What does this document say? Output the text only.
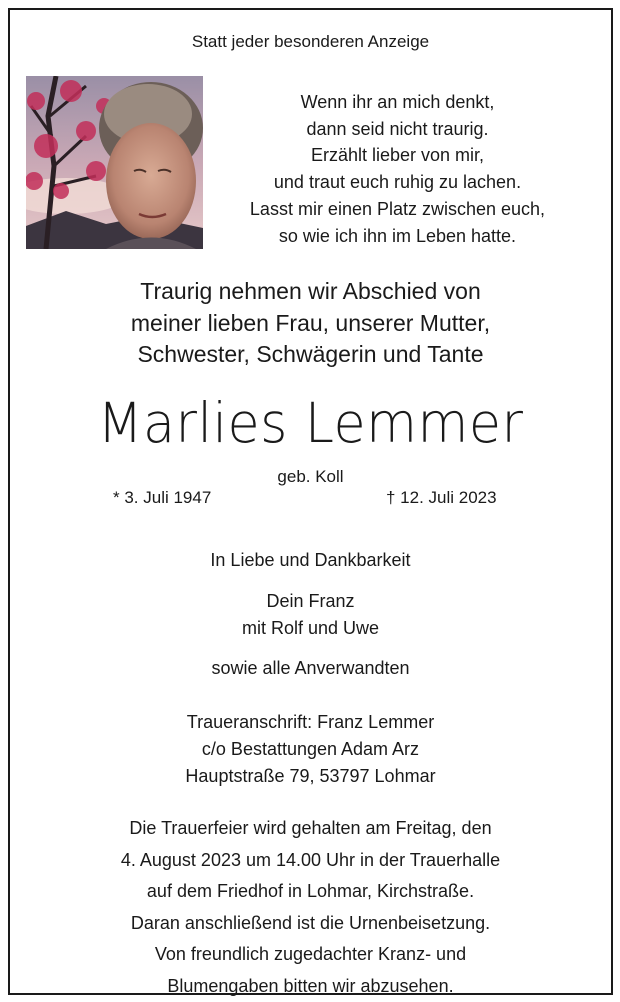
Statt jeder besonderen Anzeige
Wenn ihr an mich denkt,
dann seid nicht traurig.
Erzählt lieber von mir,
und traut euch ruhig zu lachen.
Lasst mir einen Platz zwischen euch,
so wie ich ihn im Leben hatte.
Traurig nehmen wir Abschied von
meiner lieben Frau, unserer Mutter,
Schwester, Schwägerin und Tante
Marlies Lemmer
geb. Koll
* 3. Juli 1947	† 12. Juli 2023
In Liebe und Dankbarkeit
Dein Franz
mit Rolf und Uwe
sowie alle Anverwandten
Traueranschrift: Franz Lemmer
c/o Bestattungen Adam Arz
Hauptstraße 79, 53797 Lohmar
Die Trauerfeier wird gehalten am Freitag, den
4. August 2023 um 14.00 Uhr in der Trauerhalle
auf dem Friedhof in Lohmar, Kirchstraße.
Daran anschließend ist die Urnenbeisetzung.
Von freundlich zugedachter Kranz- und
Blumengaben bitten wir abzusehen.
